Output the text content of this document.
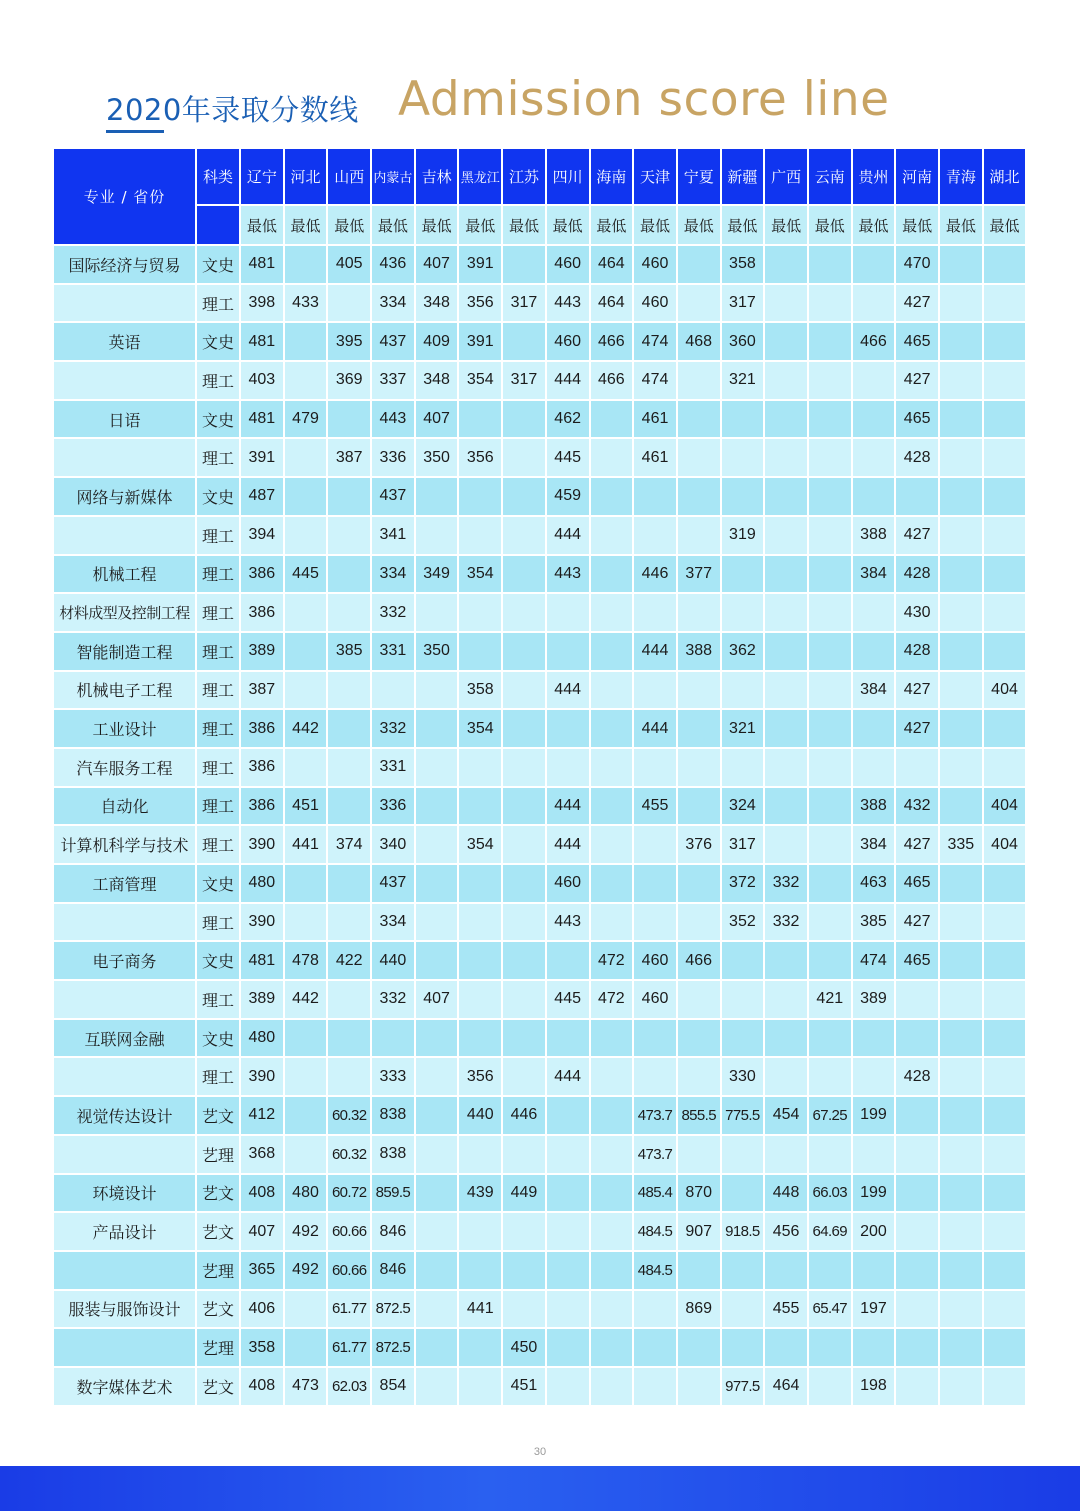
2020年录取分数线 Admission score line
专业 / 省份	科类	辽宁	河北	山西	内蒙古	吉林	黑龙江	江苏	四川	海南	天津	宁夏	新疆	广西	云南	贵州	河南	青海	湖北
		最低	最低	最低	最低	最低	最低	最低	最低	最低	最低	最低	最低	最低	最低	最低	最低	最低	最低
国际经济与贸易	文史	481		405	436	407	391		460	464	460		358				470		
	理工	398	433		334	348	356	317	443	464	460		317				427		
英语	文史	481		395	437	409	391		460	466	474	468	360			466	465		
	理工	403		369	337	348	354	317	444	466	474		321				427		
日语	文史	481	479		443	407			462		461						465		
	理工	391		387	336	350	356		445		461						428		
网络与新媒体	文史	487			437				459										
	理工	394			341				444				319			388	427		
机械工程	理工	386	445		334	349	354		443		446	377				384	428		
材料成型及控制工程	理工	386			332												430		
智能制造工程	理工	389		385	331	350					444	388	362				428		
机械电子工程	理工	387					358		444							384	427		404
工业设计	理工	386	442		332		354				444		321				427		
汽车服务工程	理工	386			331														
自动化	理工	386	451		336				444		455		324			388	432		404
计算机科学与技术	理工	390	441	374	340		354		444			376	317			384	427	335	404
工商管理	文史	480			437				460				372	332		463	465		
	理工	390			334				443				352	332		385	427		
电子商务	文史	481	478	422	440					472	460	466				474	465		
	理工	389	442		332	407			445	472	460				421	389			
互联网金融	文史	480																	
	理工	390			333		356		444				330				428		
视觉传达设计	艺文	412		60.32	838		440	446			473.7	855.5	775.5	454	67.25	199			
	艺理	368		60.32	838						473.7								
环境设计	艺文	408	480	60.72	859.5		439	449			485.4	870		448	66.03	199			
产品设计	艺文	407	492	60.66	846						484.5	907	918.5	456	64.69	200			
	艺理	365	492	60.66	846						484.5								
服装与服饰设计	艺文	406		61.77	872.5		441					869		455	65.47	197			
	艺理	358		61.77	872.5			450											
数字媒体艺术	艺文	408	473	62.03	854			451					977.5	464		198			
30
